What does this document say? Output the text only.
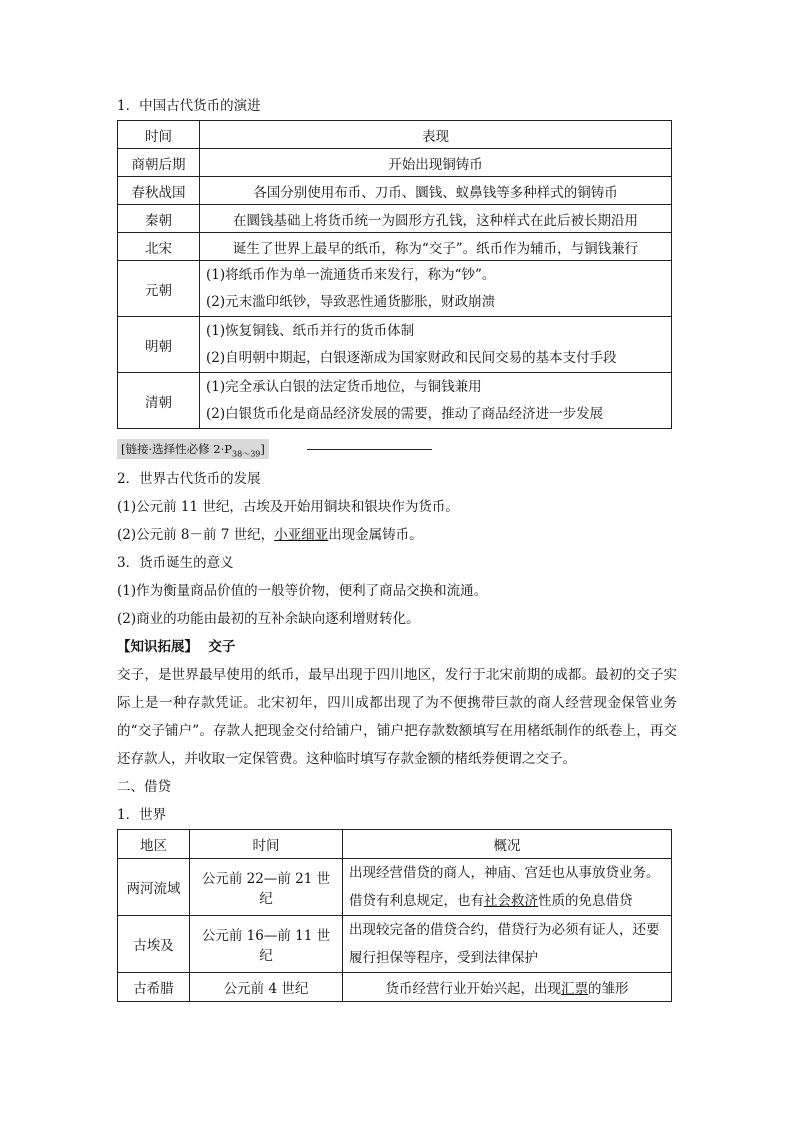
1．中国古代货币的演进
时间	表现
商朝后期	开始出现铜铸币
春秋战国	各国分别使用布币、刀币、圜钱、蚁鼻钱等多种样式的铜铸币
秦朝	在圜钱基础上将货币统一为圆形方孔钱，这种样式在此后被长期沿用
北宋	诞生了世界上最早的纸币，称为“交子”。纸币作为辅币，与铜钱兼行
元朝	(1)将纸币作为单一流通货币来发行，称为“钞”。
(2)元末滥印纸钞，导致恶性通货膨胀，财政崩溃

明朝	(1)恢复铜钱、纸币并行的货币体制
(2)自明朝中期起，白银逐渐成为国家财政和民间交易的基本支付手段

清朝	(1)完全承认白银的法定货币地位，与铜钱兼用
(2)白银货币化是商品经济发展的需要，推动了商品经济进一步发展
[链接·选择性必修 $2\cdot P_{38\sim 39}$]
2．世界古代货币的发展
(1)公元前 11 世纪，古埃及开始用铜块和银块作为货币。
(2)公元前 8－前 7 世纪，小亚细亚出现金属铸币。
3．货币诞生的意义
(1)作为衡量商品价值的一般等价物，便利了商品交换和流通。
(2)商业的功能由最初的互补余缺向逐利增财转化。
【知识拓展】 交子
交子，是世界最早使用的纸币，最早出现于四川地区，发行于北宋前期的成都。最初的交子实际上是一种存款凭证。北宋初年，四川成都出现了为不便携带巨款的商人经营现金保管业务的“交子铺户”。存款人把现金交付给铺户，铺户把存款数额填写在用楮纸制作的纸卷上，再交还存款人，并收取一定保管费。这种临时填写存款金额的楮纸券便谓之交子。
二、借贷
1．世界
地区	时间	概况
两河流域	公元前 22—前 21 世纪	出现经营借贷的商人，神庙、宫廷也从事放贷业务。
借贷有利息规定，也有社会救济性质的免息借贷

古埃及	公元前 16—前 11 世纪	出现较完备的借贷合约，借贷行为必须有证人，还要
履行担保等程序，受到法律保护

古希腊	公元前 4 世纪	货币经营行业开始兴起，出现汇票的雏形
